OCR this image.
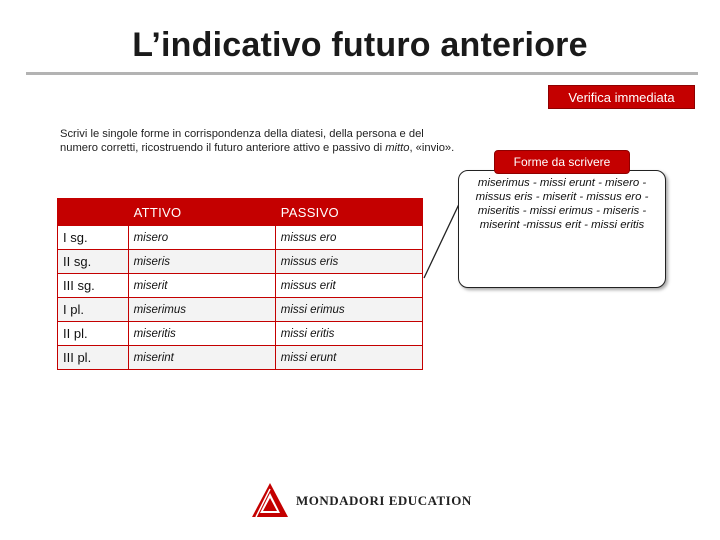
L’indicativo futuro anteriore
Verifica immediata
Scrivi le singole forme in corrispondenza della diatesi, della persona e del numero corretti, ricostruendo il futuro anteriore attivo e passivo di mitto, «invio».
	ATTIVO	PASSIVO
I sg.	misero	missus ero
II sg.	miseris	missus eris
III sg.	miserit	missus erit
I pl.	miserimus	missi erimus
II pl.	miseritis	missi eritis
III pl.	miserint	missi erunt
miserimus - missi erunt - misero - missus eris - miserit - missus ero - miseritis - missi erimus - miseris - miserint -missus erit - missi eritis
Forme da scrivere
MONDADORI EDUCATION
